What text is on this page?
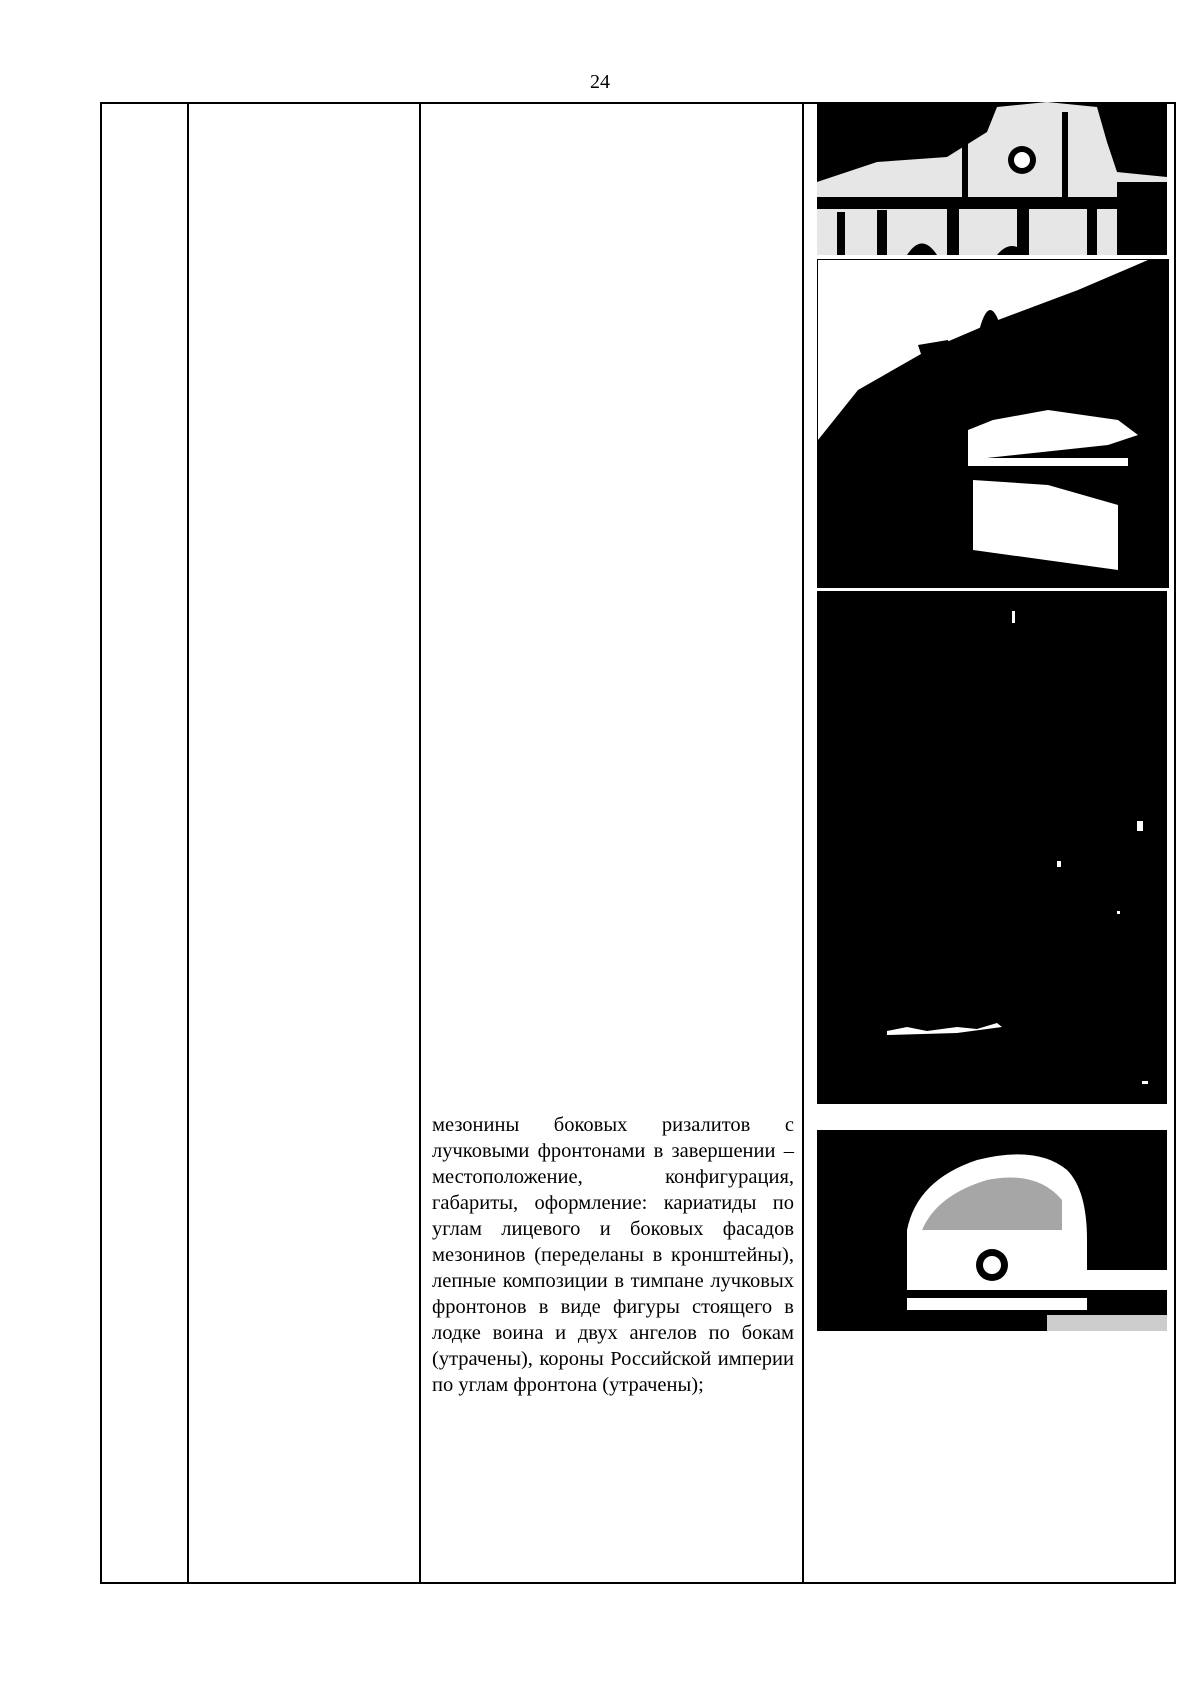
24
мезонины боковых ризалитов с лучковыми фронтонами в завершении – местоположение, конфигурация, габариты, оформление: кариатиды по углам лицевого и боковых фасадов мезонинов (переделаны в кронштейны), лепные композиции в тимпане лучковых фронтонов в виде фигуры стоящего в лодке воина и двух ангелов по бокам (утрачены), короны Российской империи по углам фронтона (утрачены);
